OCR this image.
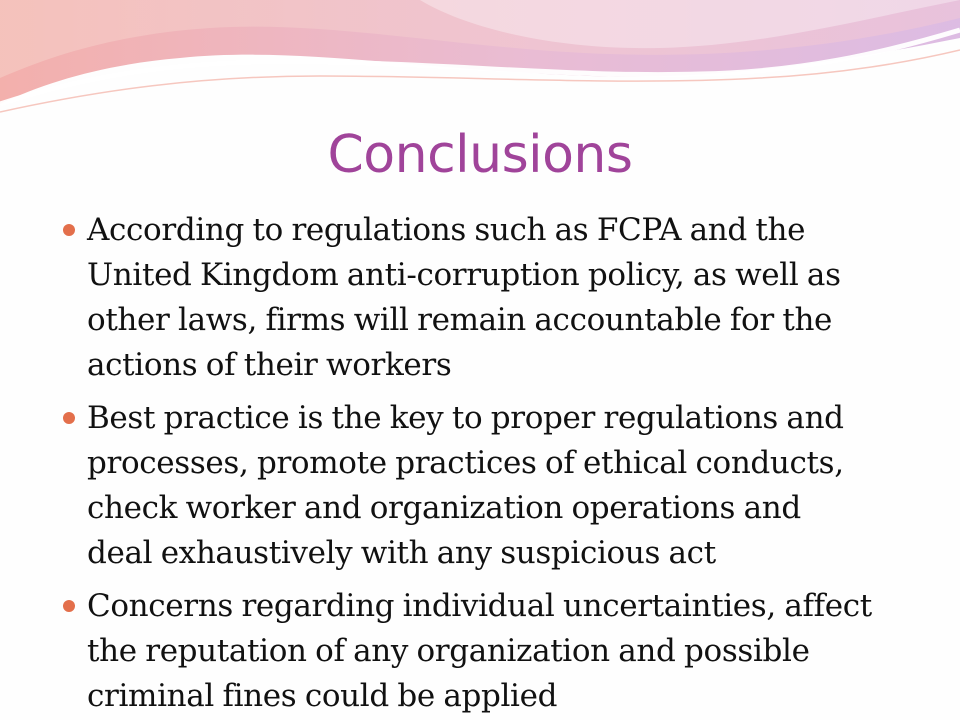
Conclusions
According to regulations such as FCPA and the
United Kingdom anti-corruption policy, as well as
other laws, firms will remain accountable for the
actions of their workers
Best practice is the key to proper regulations and
processes, promote practices of ethical conducts,
check worker and organization operations and
deal exhaustively with any suspicious act
Concerns regarding individual uncertainties, affect
the reputation of any organization and possible
criminal fines could be applied
